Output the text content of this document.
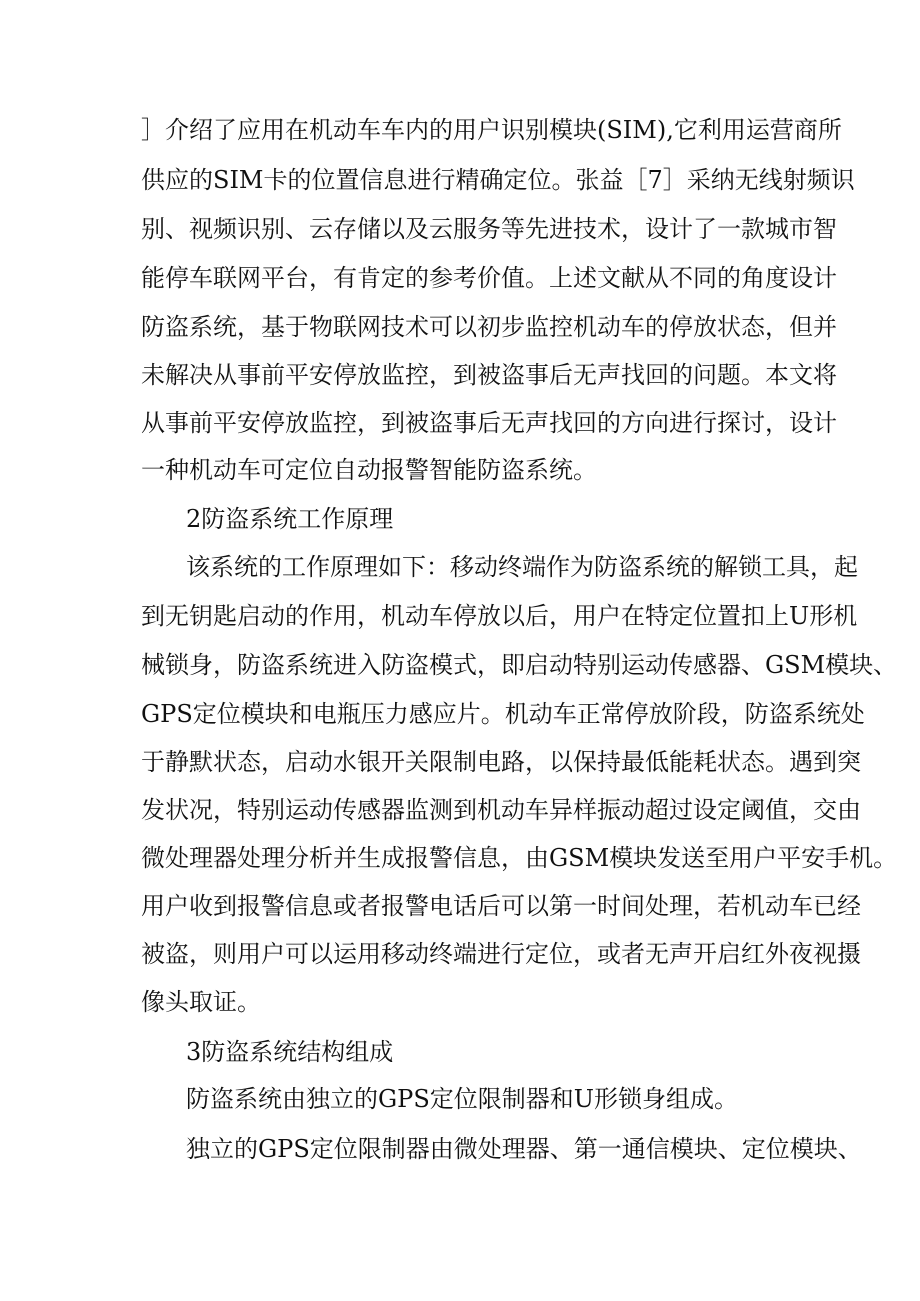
］介绍了应用在机动车车内的用户识别模块(SIM),它利用运营商所
供应的SIM卡的位置信息进行精确定位。张益［7］采纳无线射频识
别、视频识别、云存储以及云服务等先进技术，设计了一款城市智
能停车联网平台，有肯定的参考价值。上述文献从不同的角度设计
防盗系统，基于物联网技术可以初步监控机动车的停放状态，但并
未解决从事前平安停放监控，到被盗事后无声找回的问题。本文将
从事前平安停放监控，到被盗事后无声找回的方向进行探讨，设计
一种机动车可定位自动报警智能防盗系统。
2防盗系统工作原理
该系统的工作原理如下：移动终端作为防盗系统的解锁工具，起
到无钥匙启动的作用，机动车停放以后，用户在特定位置扣上U形机
械锁身，防盗系统进入防盗模式，即启动特别运动传感器、GSM模块、
GPS定位模块和电瓶压力感应片。机动车正常停放阶段，防盗系统处
于静默状态，启动水银开关限制电路，以保持最低能耗状态。遇到突
发状况，特别运动传感器监测到机动车异样振动超过设定阈值，交由
微处理器处理分析并生成报警信息，由GSM模块发送至用户平安手机。
用户收到报警信息或者报警电话后可以第一时间处理，若机动车已经
被盗，则用户可以运用移动终端进行定位，或者无声开启红外夜视摄
像头取证。
3防盗系统结构组成
防盗系统由独立的GPS定位限制器和U形锁身组成。
独立的GPS定位限制器由微处理器、第一通信模块、定位模块、
